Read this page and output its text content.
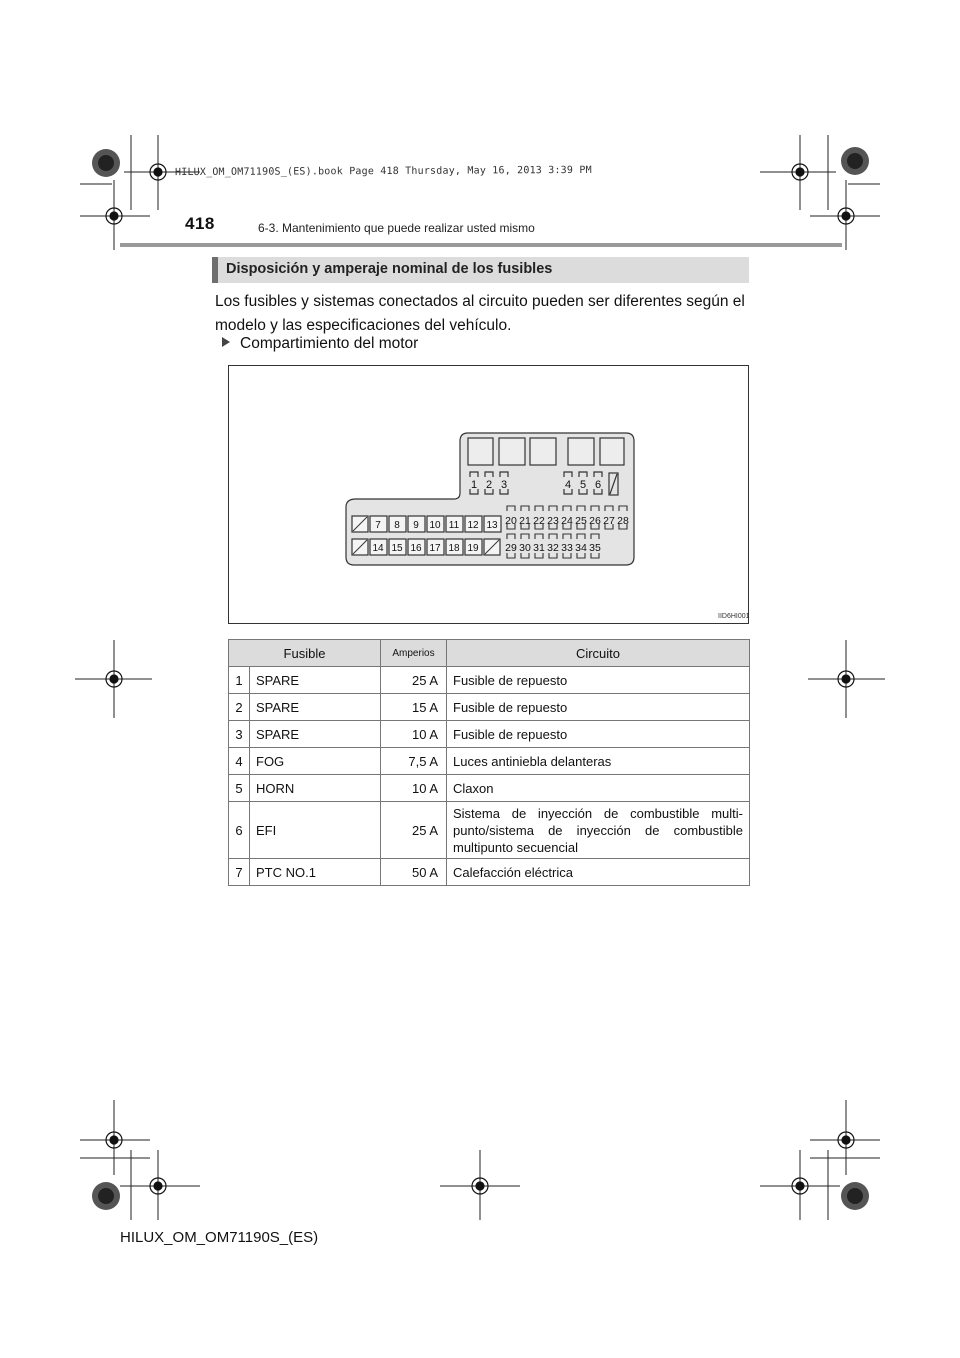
HILUX_OM_OM71190S_(ES).book Page 418 Thursday, May 16, 2013 3:39 PM
418	6-3. Mantenimiento que puede realizar usted mismo
Disposición y amperaje nominal de los fusibles
Los fusibles y sistemas conectados al circuito pueden ser diferentes según el modelo y las especificaciones del vehículo.
Compartimiento del motor
1 2 3	4 5 6
7 8 9 10 11 12 13
14 15 16 17 18 19
20 21 22 23 24 25 26 27 28
29 30 31 32 33 34 35
IID6HI001
Fusible		Amperios	Circuito
1	SPARE	25 A	Fusible de repuesto
2	SPARE	15 A	Fusible de repuesto
3	SPARE	10 A	Fusible de repuesto
4	FOG	7,5 A	Luces antiniebla delanteras
5	HORN	10 A	Claxon
6	EFI	25 A	Sistema de inyección de combustible multi-punto/sistema de inyección de combustible multipunto secuencial
7	PTC NO.1	50 A	Calefacción eléctrica
HILUX_OM_OM71190S_(ES)
